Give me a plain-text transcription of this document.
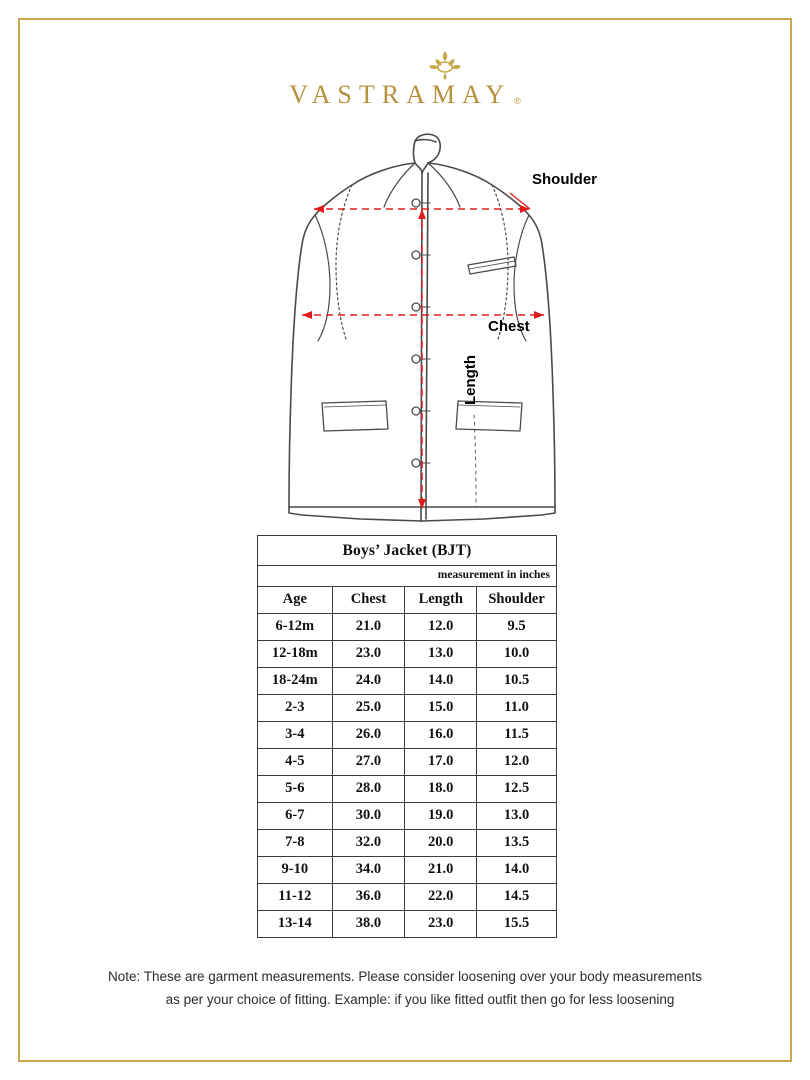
VASTRAMAY ®
Shoulder
Chest
Length
Boys’ Jacket (BJT)			
measurement in inches			
Age	Chest	Length	Shoulder
6-12m	21.0	12.0	9.5
12-18m	23.0	13.0	10.0
18-24m	24.0	14.0	10.5
2-3	25.0	15.0	11.0
3-4	26.0	16.0	11.5
4-5	27.0	17.0	12.0
5-6	28.0	18.0	12.5
6-7	30.0	19.0	13.0
7-8	32.0	20.0	13.5
9-10	34.0	21.0	14.0
11-12	36.0	22.0	14.5
13-14	38.0	23.0	15.5
Note: These are garment measurements. Please consider loosening over your body measurements
as per your choice of fitting. Example: if you like fitted outfit then go for less loosening
